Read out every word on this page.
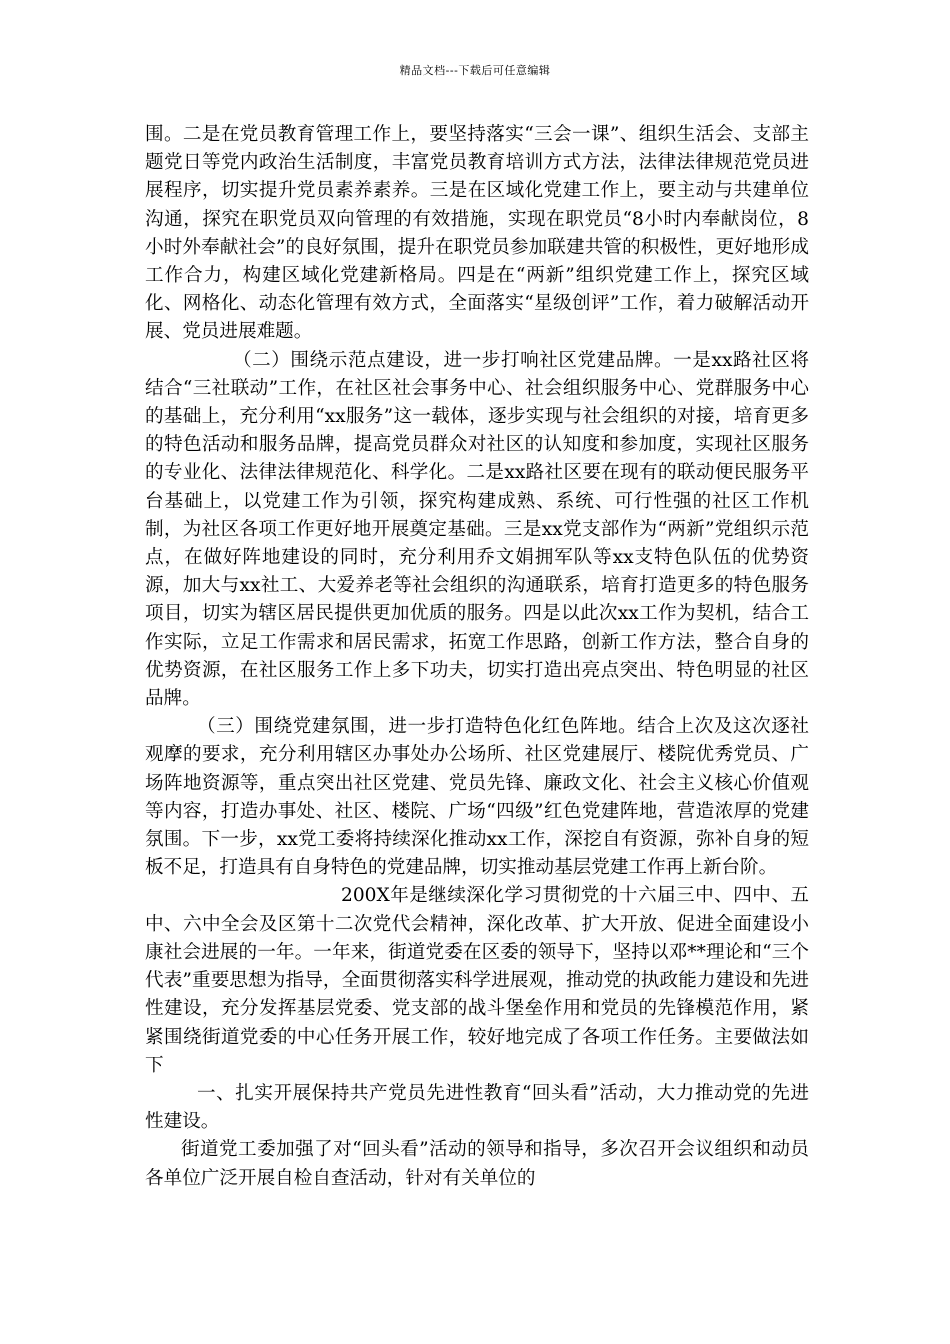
精品文档---下载后可任意编辑

围。二是在党员教育管理工作上，要坚持落实“三会一课”、组织生活会、支部主题党日等党内政治生活制度，丰富党员教育培训方式方法，法律法律规范党员进展程序，切实提升党员素养素养。三是在区域化党建工作上，要主动与共建单位沟通，探究在职党员双向管理的有效措施，实现在职党员“8小时内奉献岗位，8小时外奉献社会”的良好氛围，提升在职党员参加联建共管的积极性，更好地形成工作合力，构建区域化党建新格局。四是在“两新”组织党建工作上，探究区域化、网格化、动态化管理有效方式，全面落实“星级创评”工作，着力破解活动开展、党员进展难题。

（二）围绕示范点建设，进一步打响社区党建品牌。一是xx路社区将结合“三社联动”工作，在社区社会事务中心、社会组织服务中心、党群服务中心的基础上，充分利用“xx服务”这一载体，逐步实现与社会组织的对接，培育更多的特色活动和服务品牌，提高党员群众对社区的认知度和参加度，实现社区服务的专业化、法律法律规范化、科学化。二是xx路社区要在现有的联动便民服务平台基础上，以党建工作为引领，探究构建成熟、系统、可行性强的社区工作机制，为社区各项工作更好地开展奠定基础。三是xx党支部作为“两新”党组织示范点，在做好阵地建设的同时，充分利用乔文娟拥军队等xx支特色队伍的优势资源，加大与xx社工、大爱养老等社会组织的沟通联系，培育打造更多的特色服务项目，切实为辖区居民提供更加优质的服务。四是以此次xx工作为契机，结合工作实际，立足工作需求和居民需求，拓宽工作思路，创新工作方法，整合自身的优势资源，在社区服务工作上多下功夫，切实打造出亮点突出、特色明显的社区品牌。

（三）围绕党建氛围，进一步打造特色化红色阵地。结合上次及这次逐社观摩的要求，充分利用辖区办事处办公场所、社区党建展厅、楼院优秀党员、广场阵地资源等，重点突出社区党建、党员先锋、廉政文化、社会主义核心价值观等内容，打造办事处、社区、楼院、广场“四级”红色党建阵地，营造浓厚的党建氛围。下一步，xx党工委将持续深化推动xx工作，深挖自有资源，弥补自身的短板不足，打造具有自身特色的党建品牌，切实推动基层党建工作再上新台阶。

200X年是继续深化学习贯彻党的十六届三中、四中、五中、六中全会及区第十二次党代会精神，深化改革、扩大开放、促进全面建设小康社会进展的一年。一年来，街道党委在区委的领导下，坚持以邓**理论和“三个代表”重要思想为指导，全面贯彻落实科学进展观，推动党的执政能力建设和先进性建设，充分发挥基层党委、党支部的战斗堡垒作用和党员的先锋模范作用，紧紧围绕街道党委的中心任务开展工作，较好地完成了各项工作任务。主要做法如下

一、扎实开展保持共产党员先进性教育“回头看”活动，大力推动党的先进性建设。

街道党工委加强了对“回头看”活动的领导和指导，多次召开会议组织和动员各单位广泛开展自检自查活动，针对有关单位的
